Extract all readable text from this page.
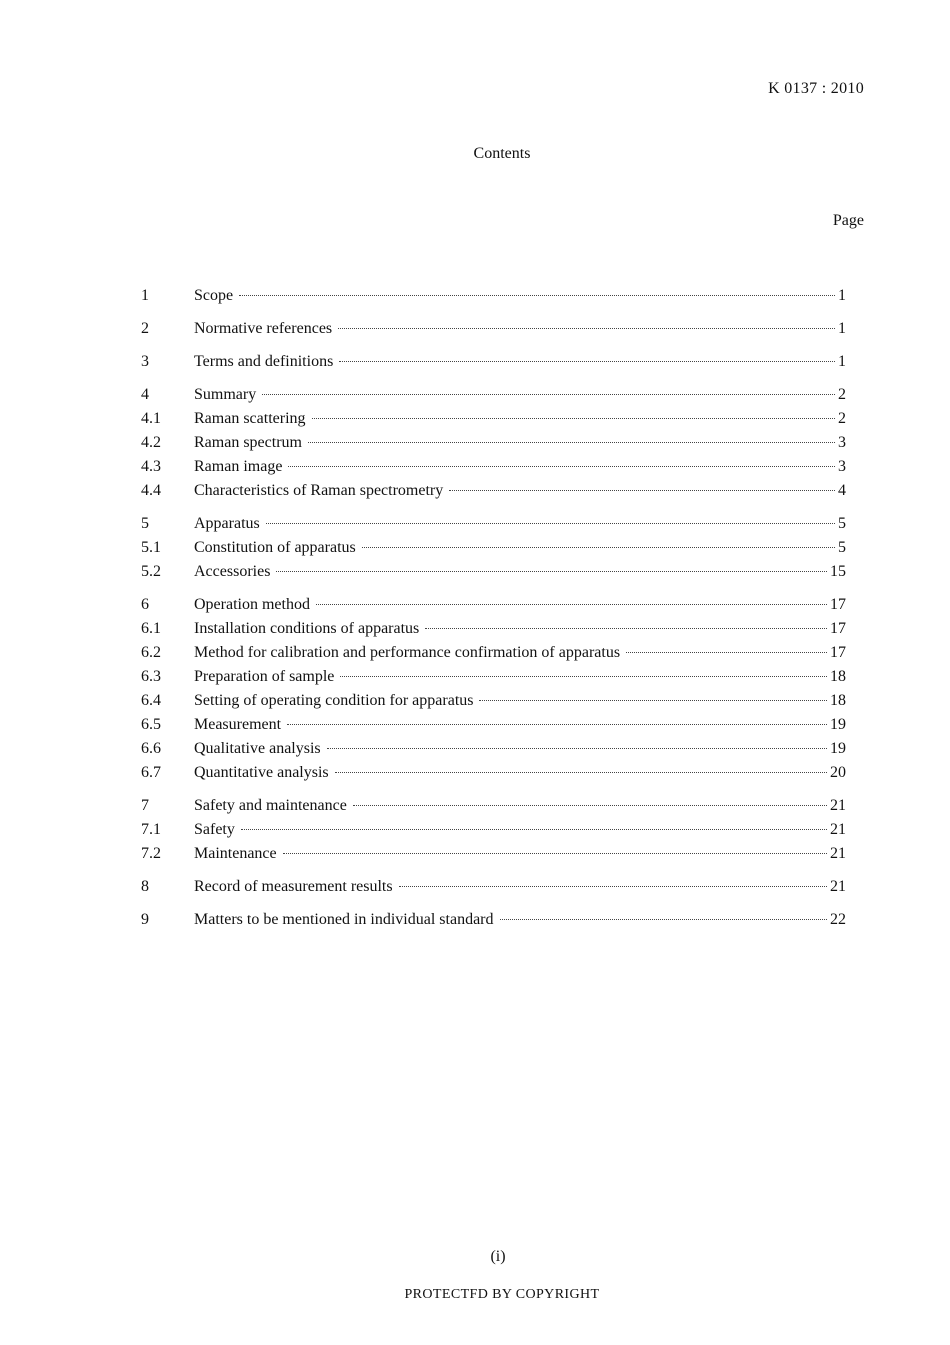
K 0137 : 2010
Contents
Page
1	Scope	1
2	Normative references	1
3	Terms and definitions	1
4	Summary	2
4.1	Raman scattering	2
4.2	Raman spectrum	3
4.3	Raman image	3
4.4	Characteristics of Raman spectrometry	4
5	Apparatus	5
5.1	Constitution of apparatus	5
5.2	Accessories	15
6	Operation method	17
6.1	Installation conditions of apparatus	17
6.2	Method for calibration and performance confirmation of apparatus	17
6.3	Preparation of sample	18
6.4	Setting of operating condition for apparatus	18
6.5	Measurement	19
6.6	Qualitative analysis	19
6.7	Quantitative analysis	20
7	Safety and maintenance	21
7.1	Safety	21
7.2	Maintenance	21
8	Record of measurement results	21
9	Matters to be mentioned in individual standard	22
(i)
PROTECTFD BY COPYRIGHT
